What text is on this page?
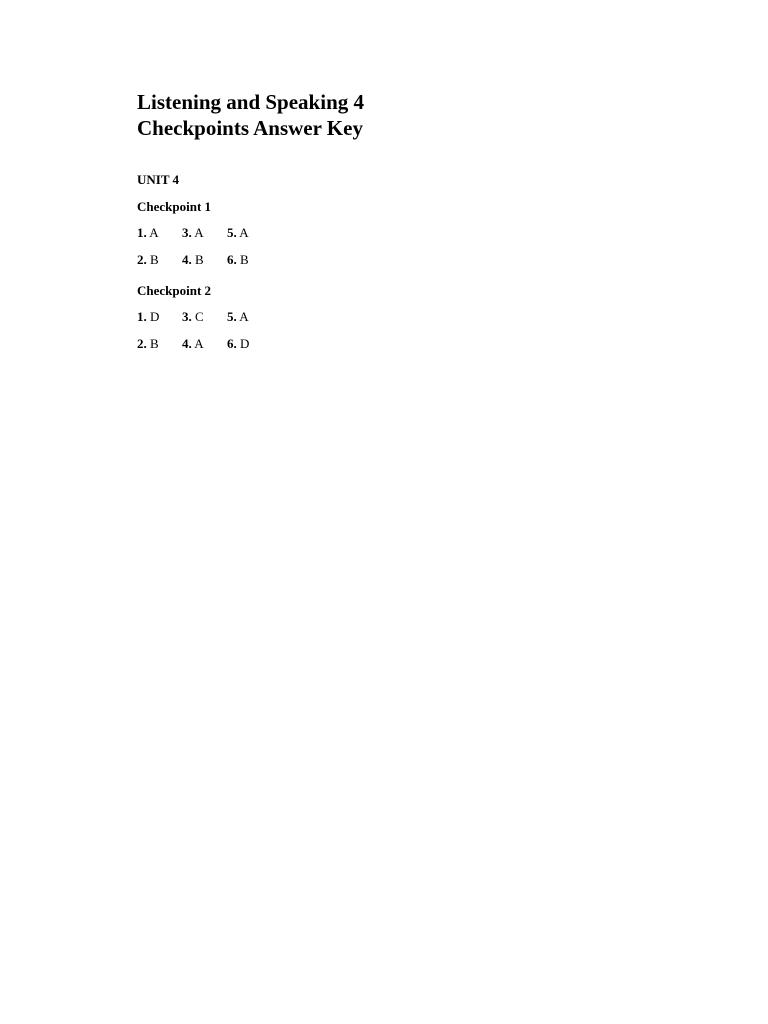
Listening and Speaking 4
Checkpoints Answer Key
UNIT 4
Checkpoint 1
1. A	3. A	5. A
2. B	4. B	6. B
Checkpoint 2
1. D	3. C	5. A
2. B	4. A	6. D
